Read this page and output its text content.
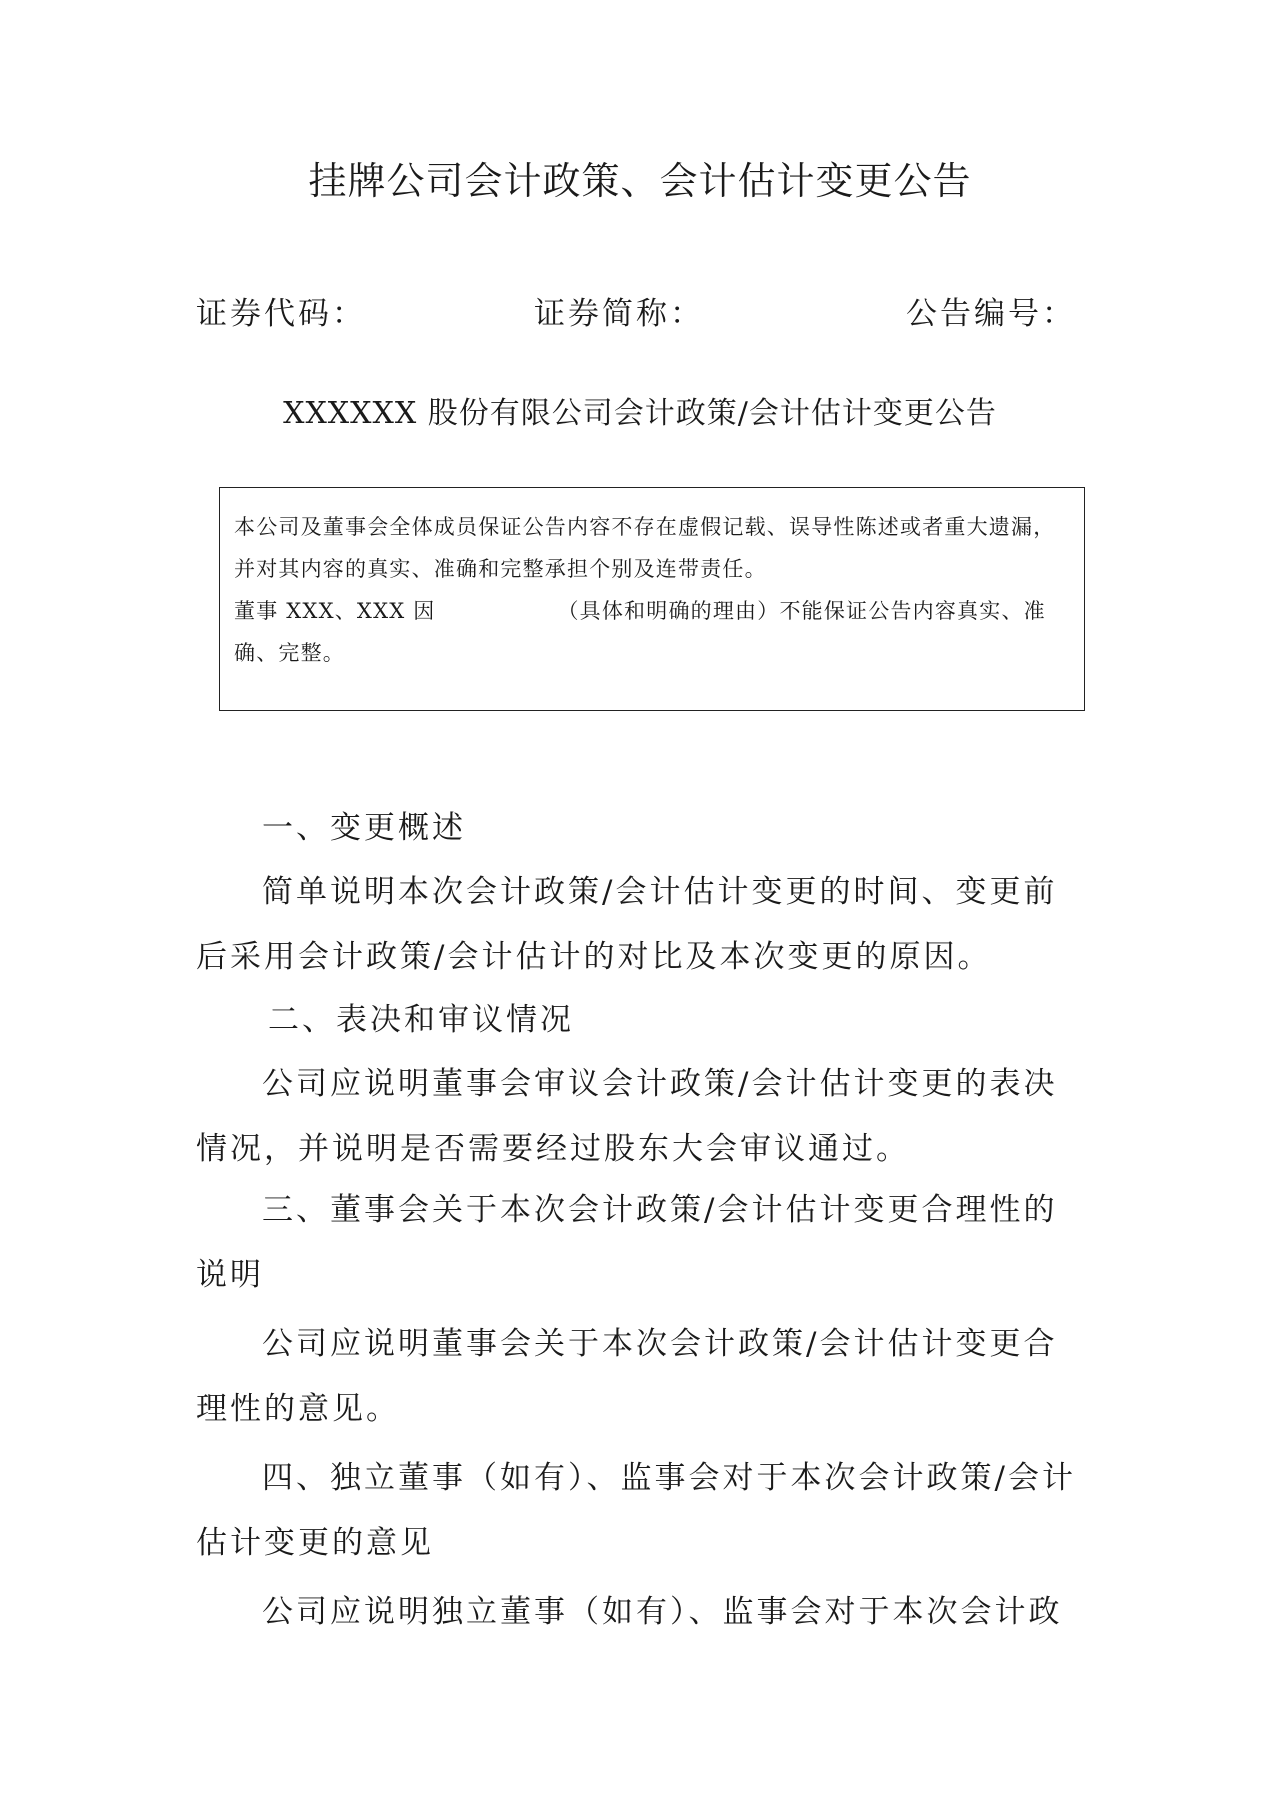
挂牌公司会计政策、会计估计变更公告
证券代码：	证券简称：	公告编号：
XXXXXX 股份有限公司会计政策/会计估计变更公告

本公司及董事会全体成员保证公告内容不存在虚假记载、误导性陈述或者重大遗漏，并对其内容的真实、准确和完整承担个别及连带责任。

董事 XXX、XXX 因	（具体和明确的理由）不能保证公告内容真实、准确、完整。

一、变更概述

简单说明本次会计政策/会计估计变更的时间、变更前后采用会计政策/会计估计的对比及本次变更的原因。

二、表决和审议情况

公司应说明董事会审议会计政策/会计估计变更的表决情况，并说明是否需要经过股东大会审议通过。

三、董事会关于本次会计政策/会计估计变更合理性的说明

公司应说明董事会关于本次会计政策/会计估计变更合理性的意见。

四、独立董事（如有）、监事会对于本次会计政策/会计估计变更的意见

公司应说明独立董事（如有）、监事会对于本次会计政
